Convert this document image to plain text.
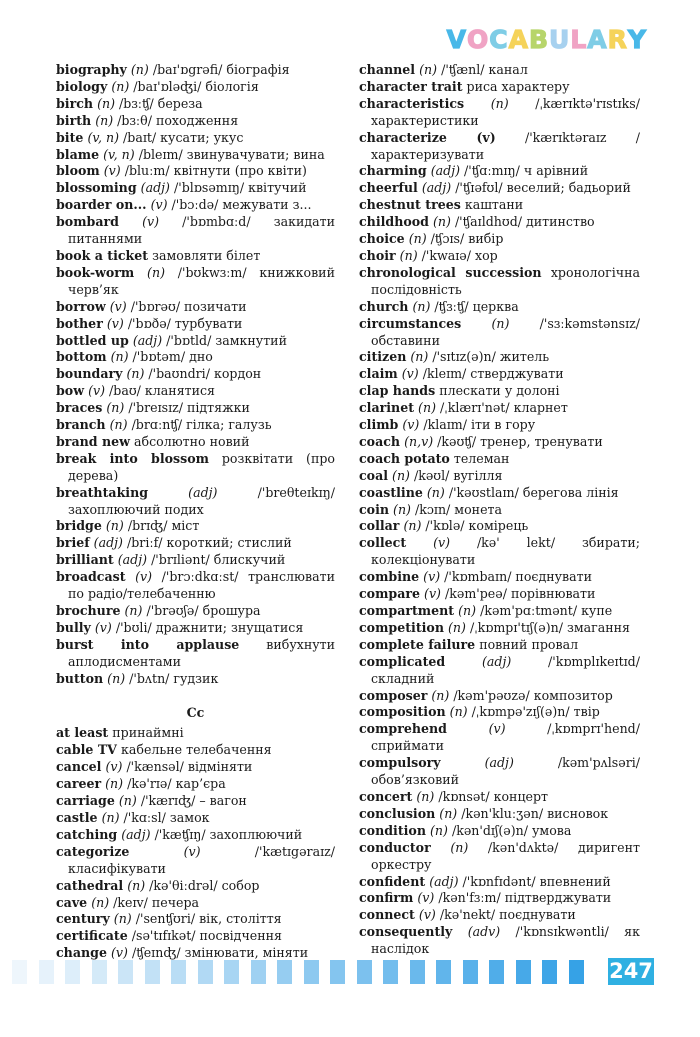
V O C A B U L A R Y
biography (n) /baɪ'ɒgrəfi/ біографія
biology (n) /baɪ'ɒləʤi/ біологія
birch (n) /bɜːʧ/ береза
birth (n) /bɜːθ/ походження
bite (v, n) /baɪt/ кусати; укус
blame (v, n) /bleɪm/ звинувачувати; вина
bloom (v) /bluːm/ квітнути (про квіти)
blossoming (adj) /'blɒsəmɪŋ/ квітучий
boarder on... (v) /'bɔːdə/ межувати з...
bombard (v) /'bɒmbɑːd/ закидати питаннями
book a ticket замовляти білет
book-worm (n) /'bʊkwɜːm/ книжковий черв’як
borrow (v) /'bɒrəʊ/ позичати
bother (v) /'bɒðə/ турбувати
bottled up (adj) /'bɒtld/ замкнутий
bottom (n) /'bɒtəm/ дно
boundary (n) /'baʊndri/ кордон
bow (v) /baʊ/ кланятися
braces (n) /'breɪsɪz/ підтяжки
branch (n) /brɑːnʧ/ гілка; галузь
brand new абсолютно новий
break into blossom розквітати (про дерева)
breathtaking	(adj)	/'breθteɪkɪŋ/ захоплюючий подих
bridge (n) /brɪʤ/ міст
brief (adj) /briːf/ короткий; стислий
brilliant (adj) /'brɪliənt/ блискучий
broadcast (v) /'brɔːdkɑːst/ транслювати по радіо/телебаченню
brochure (n) /'brəʊʃə/ брошура
bully (v) /'bʊli/ дражнити; знущатися
burst into applause вибухнути аплодисментами
button (n) /'bʌtn/ гудзик
Cc
at least принаймні
cable TV кабельне телебачення
cancel (v) /'kænsəl/ відміняти
career (n) /kə'rɪə/ кар’єра
carriage (n) /'kærɪʤ/ – вагон
castle (n) /'kɑːsl/ замок
catching (adj) /'kæʧɪŋ/ захоплюючий
categorize	(v)	/'kætɪgəraɪz/ класифікувати
cathedral (n) /kə'θiːdrəl/ собор
cave (n) /keɪv/ печера
century (n) /'senʧʊri/ вік, століття
certificate /sə'tɪfɪkət/ посвідчення
change (v) /ʧeɪnʤ/ змінювати, міняти
channel (n) /'ʧænl/ канал
character trait риса характеру
characteristics (n) /ˌkærɪktə'rɪstɪks/ характеристики
characterize (v) /'kærɪktəraɪz / характеризувати
charming (adj) /'ʧɑːmɪŋ/ ч арівний
cheerful (adj) /'ʧɪəfʊl/ веселий; бадьорий
chestnut trees каштани
childhood (n) /'ʧaɪldhʊd/ дитинство
choice (n) /ʧɔɪs/ вибір
choir (n) /'kwaɪə/ хор
chronological succession хронологічна послідовність
church (n) /ʧɜːʧ/ церква
circumstances (n) /'sɜːkəmstənsɪz/ обставини
citizen (n) /'sɪtɪz(ə)n/ житель
claim (v) /kleɪm/ стверджувати
clap hands плескати у долоні
clarinet (n) /ˌklærɪ'nət/ кларнет
climb (v) /klaɪm/ іти в гору
coach (n,v) /kəʊʧ/ тренер, тренувати
coach potato телеман
coal (n) /kəʊl/ вугілля
coastline (n) /'kəʊstlaɪn/ берегова лінія
coin (n) /kɔɪn/ монета
collar (n) /'kɒlə/ комірець
collect (v) /kə' lekt/ збирати; колекціонувати
combine (v) /'kɒmbaɪn/ поєднувати
compare (v) /kəm'peə/ порівнювати
compartment (n) /kəm'pɑːtmənt/ купе
competition (n) /ˌkɒmpɪ'tɪʃ(ə)n/ змагання
complete failure повний провал
complicated	(adj)	/'kɒmplɪkeɪtɪd/ складний
composer (n) /kəm'pəʊzə/ композитор
composition (n) /ˌkɒmpə'zɪʃ(ə)n/ твір
comprehend	(v)	/ˌkɒmprɪ'hend/ сприймати
compulsory	(adj)	/kəm'pʌlsəri/ обов’язковий
concert (n) /kɒnsət/ концерт
conclusion (n) /kən'kluːʒən/ висновок
condition (n) /kən'dɪʃ(ə)n/ умова
conductor (n) /kən'dʌktə/ диригент оркестру
confident (adj) /'kɒnfɪdənt/ впевнений
confirm (v) /kən'fɜːm/ підтверджувати
connect (v) /kə'nekt/ поєднувати
consequently (adv) /'kɒnsɪkwəntli/ як наслідок
247
